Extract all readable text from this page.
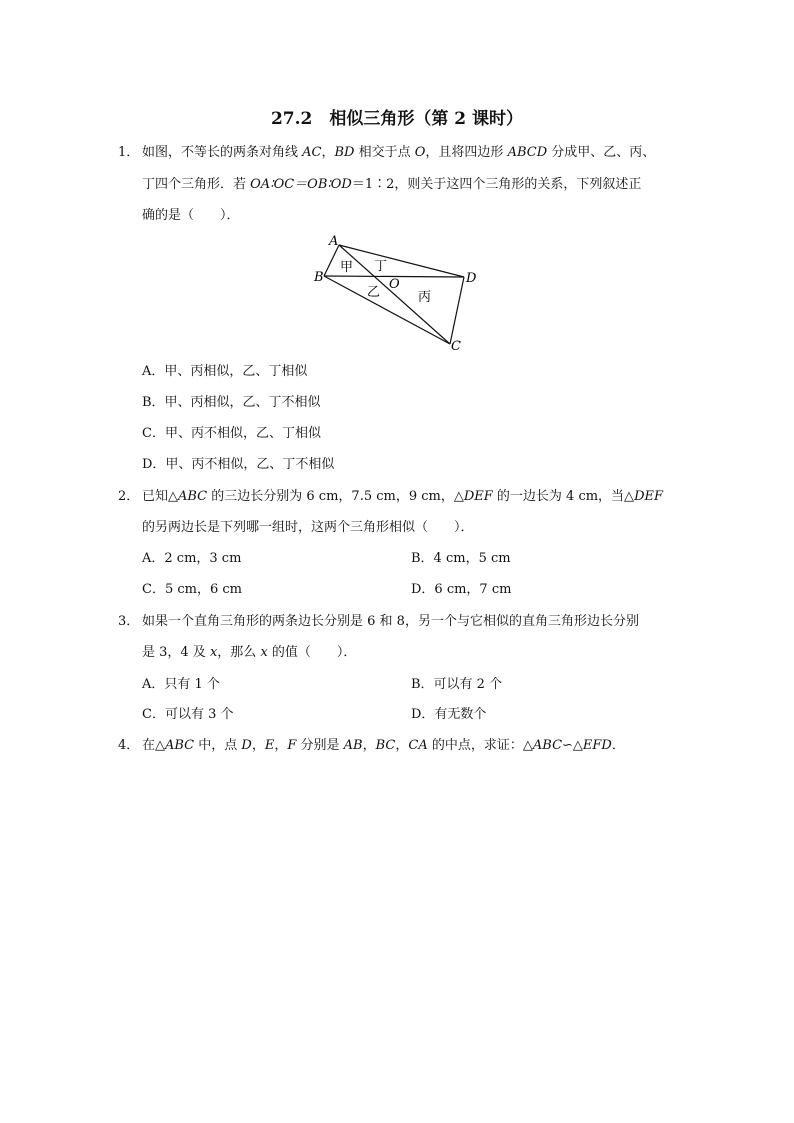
27.2　相似三角形（第 2 课时）
1． 如图，不等长的两条对角线 AC，BD 相交于点 O，且将四边形 ABCD 分成甲、乙、丙、
丁四个三角形．若 OA∶OC＝OB∶OD＝1∶2，则关于这四个三角形的关系，下列叙述正
确的是（　　）．
A
B
C
D
O
甲
乙	丙
丁
A．甲、丙相似，乙、丁相似
B．甲、丙相似，乙、丁不相似
C．甲、丙不相似，乙、丁相似
D．甲、丙不相似，乙、丁不相似
2． 已知△ABC 的三边长分别为 6 cm，7.5 cm，9 cm，△DEF 的一边长为 4 cm，当△DEF
的另两边长是下列哪一组时，这两个三角形相似（　　）．
A．2 cm，3 cm	B．4 cm，5 cm
C．5 cm，6 cm	D．6 cm，7 cm
3． 如果一个直角三角形的两条边长分别是 6 和 8，另一个与它相似的直角三角形边长分别
是 3，4 及 x，那么 x 的值（　　）．
A．只有 1 个	B．可以有 2 个
C．可以有 3 个	D．有无数个
4． 在△ABC 中，点 D，E，F 分别是 AB，BC，CA 的中点，求证：△ABC∽△EFD．
